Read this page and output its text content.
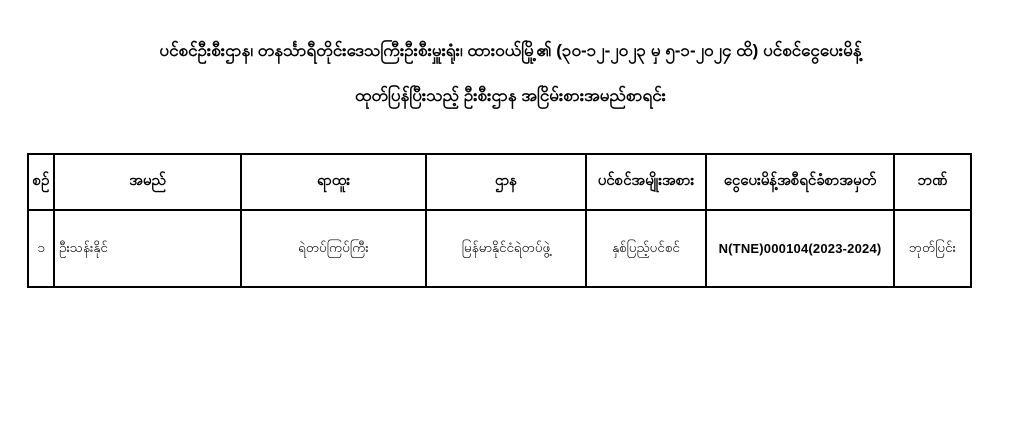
ပင်စင်ဦးစီးဌာန၊ တနင်္သာရီတိုင်းဒေသကြီးဦးစီးမှူးရုံး၊ ထားဝယ်မြို့၏ (၃၀-၁၂-၂၀၂၃ မှ ၅-၁-၂၀၂၄ ထိ) ပင်စင်ငွေပေးမိန့်
ထုတ်ပြန်ပြီးသည့် ဦးစီးဌာန အငြိမ်းစားအမည်စာရင်း
စဉ်	အမည်	ရာထူး	ဌာန	ပင်စင်အမျိုးအစား	ငွေပေးမိန့်အစီရင်ခံစာအမှတ်	ဘဏ်
၁	ဦးသန်းနိုင်	ရဲတပ်ကြပ်ကြီး	မြန်မာနိုင်ငံရဲတပ်ဖွဲ့	နှစ်ပြည့်ပင်စင်	N(TNE)000104(2023-2024)	ဘုတ်ပြင်း
